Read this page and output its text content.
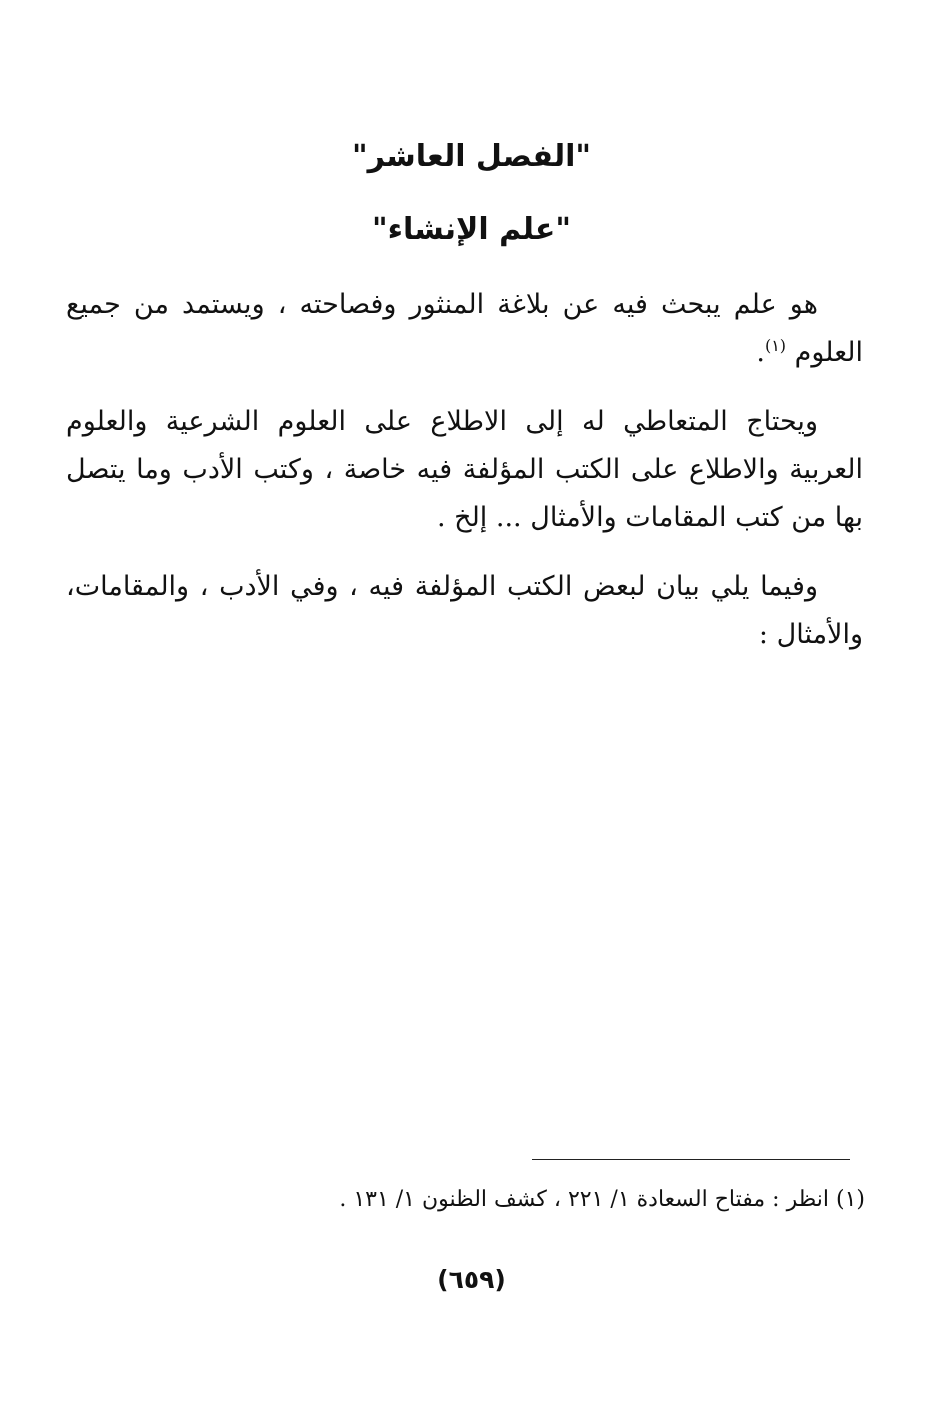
"الفصل العاشر"
"علم الإنشاء"

هو علم يبحث فيه عن بلاغة المنثور وفصاحته ، ويستمد من جميع العلوم $^{(١)}$.

ويحتاج المتعاطي له إلى الاطلاع على العلوم الشرعية والعلوم العربية والاطلاع على الكتب المؤلفة فيه خاصة ، وكتب الأدب وما يتصل بها من كتب المقامات والأمثال ... إلخ .

وفيما يلي بيان لبعض الكتب المؤلفة فيه ، وفي الأدب ، والمقامات، والأمثال :

(١) انظر : مفتاح السعادة ١/ ٢٢١ ، كشف الظنون ١/ ١٣١ .

(٦٥٩)
